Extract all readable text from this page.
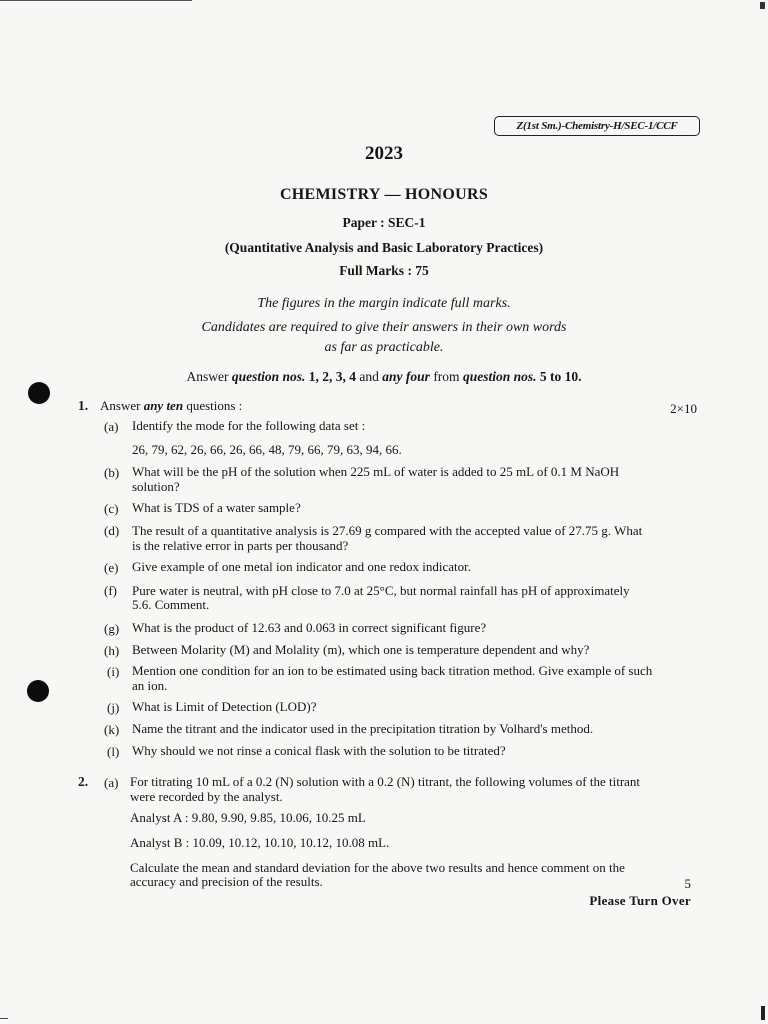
Z(1st Sm.)-Chemistry-H/SEC-1/CCF
2023
CHEMISTRY — HONOURS
Paper : SEC-1
(Quantitative Analysis and Basic Laboratory Practices)
Full Marks : 75
The figures in the margin indicate full marks.
Candidates are required to give their answers in their own words
as far as practicable.
Answer question nos. 1, 2, 3, 4 and any four from question nos. 5 to 10.
1. Answer any ten questions :	2×10
(a) Identify the mode for the following data set :
26, 79, 62, 26, 66, 26, 66, 48, 79, 66, 79, 63, 94, 66.
(b) What will be the pH of the solution when 225 mL of water is added to 25 mL of 0.1 M NaOH
solution?
(c) What is TDS of a water sample?
(d) The result of a quantitative analysis is 27.69 g compared with the accepted value of 27.75 g. What
is the relative error in parts per thousand?
(e) Give example of one metal ion indicator and one redox indicator.
(f) Pure water is neutral, with pH close to 7.0 at 25°C, but normal rainfall has pH of approximately
5.6. Comment.
(g) What is the product of 12.63 and 0.063 in correct significant figure?
(h) Between Molarity (M) and Molality (m), which one is temperature dependent and why?
(i) Mention one condition for an ion to be estimated using back titration method. Give example of such
an ion.
(j) What is Limit of Detection (LOD)?
(k) Name the titrant and the indicator used in the precipitation titration by Volhard's method.
(l) Why should we not rinse a conical flask with the solution to be titrated?
2. (a) For titrating 10 mL of a 0.2 (N) solution with a 0.2 (N) titrant, the following volumes of the titrant
were recorded by the analyst.
Analyst A : 9.80, 9.90, 9.85, 10.06, 10.25 mL
Analyst B : 10.09, 10.12, 10.10, 10.12, 10.08 mL.
Calculate the mean and standard deviation for the above two results and hence comment on the
accuracy and precision of the results.	5
Please Turn Over
